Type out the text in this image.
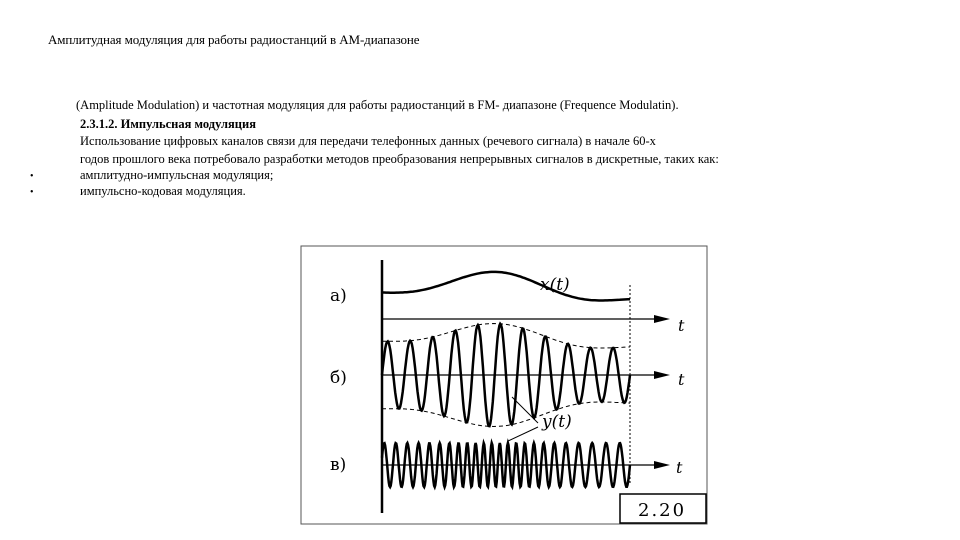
Амплитудная модуляция для работы радиостанций в АМ-диапазоне
(Amplitude Modulation) и частотная модуляция для работы радиостанций в FM- диапазоне (Frequence Modulatin).
2.3.1.2. Импульсная модуляция
Использование цифровых каналов связи для передачи телефонных данных (речевого сигнала) в начале 60-х
годов прошлого века потребовало разработки методов преобразования непрерывных сигналов в дискретные, таких как:
•	амплитудно-импульсная модуляция;
•	импульсно-кодовая модуляция.
а)
б)
в)
t
t
t
x(t)
y(t)
2.20
